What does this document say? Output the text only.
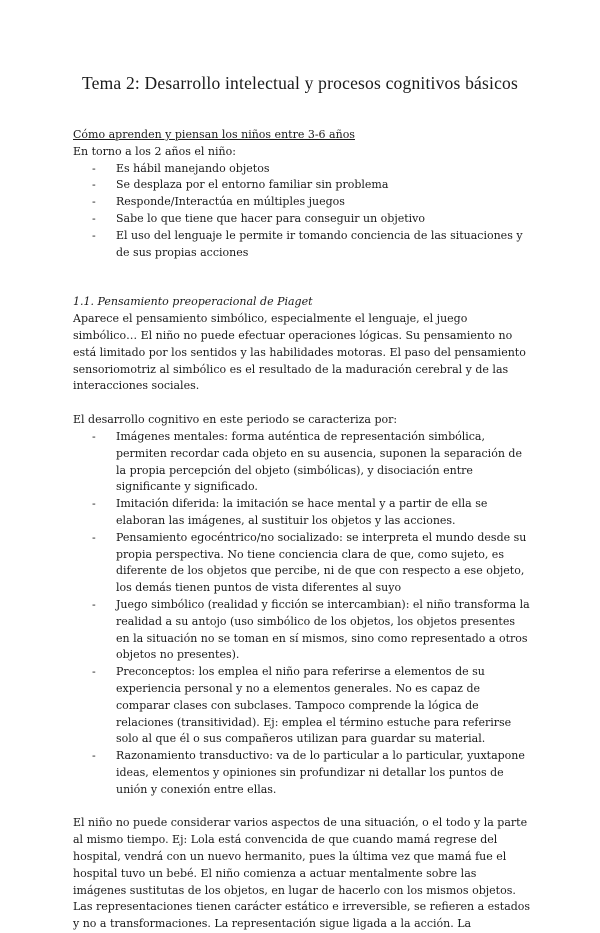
Tema 2: Desarrollo intelectual y procesos cognitivos básicos
Cómo aprenden y piensan los niños entre 3-6 años

En torno a los 2 años el niño:

- Es hábil manejando objetos
- Se desplaza por el entorno familiar sin problema
- Responde/Interactúa en múltiples juegos
- Sabe lo que tiene que hacer para conseguir un objetivo
- El uso del lenguaje le permite ir tomando conciencia de las situaciones y de sus propias acciones
1.1. Pensamiento preoperacional de Piaget

Aparece el pensamiento simbólico, especialmente el lenguaje, el juego simbólico… El niño no puede efectuar operaciones lógicas. Su pensamiento no está limitado por los sentidos y las habilidades motoras. El paso del pensamiento sensoriomotriz al simbólico es el resultado de la maduración cerebral y de las interacciones sociales.

El desarrollo cognitivo en este periodo se caracteriza por:

- Imágenes mentales: forma auténtica de representación simbólica, permiten recordar cada objeto en su ausencia, suponen la separación de la propia percepción del objeto (simbólicas), y disociación entre significante y significado.
- Imitación diferida: la imitación se hace mental y a partir de ella se elaboran las imágenes, al sustituir los objetos y las acciones.
- Pensamiento egocéntrico/no socializado: se interpreta el mundo desde su propia perspectiva. No tiene conciencia clara de que, como sujeto, es diferente de los objetos que percibe, ni de que con respecto a ese objeto, los demás tienen puntos de vista diferentes al suyo
- Juego simbólico (realidad y ficción se intercambian): el niño transforma la realidad a su antojo (uso simbólico de los objetos, los objetos presentes en la situación no se toman en sí mismos, sino como representado a otros objetos no presentes).
- Preconceptos: los emplea el niño para referirse a elementos de su experiencia personal y no a elementos generales. No es capaz de comparar clases con subclases. Tampoco comprende la lógica de relaciones (transitividad). Ej: emplea el término estuche para referirse solo al que él o sus compañeros utilizan para guardar su material.
- Razonamiento transductivo: va de lo particular a lo particular, yuxtapone ideas, elementos y opiniones sin profundizar ni detallar los puntos de unión y conexión entre ellas.

El niño no puede considerar varios aspectos de una situación, o el todo y la parte al mismo tiempo. Ej: Lola está convencida de que cuando mamá regrese del hospital, vendrá con un nuevo hermanito, pues la última vez que mamá fue el hospital tuvo un bebé. El niño comienza a actuar mentalmente sobre las imágenes sustitutas de los objetos, en lugar de hacerlo con los mismos objetos. Las representaciones tienen carácter estático e irreversible, se refieren a estados y no a transformaciones. La representación sigue ligada a la acción. La
